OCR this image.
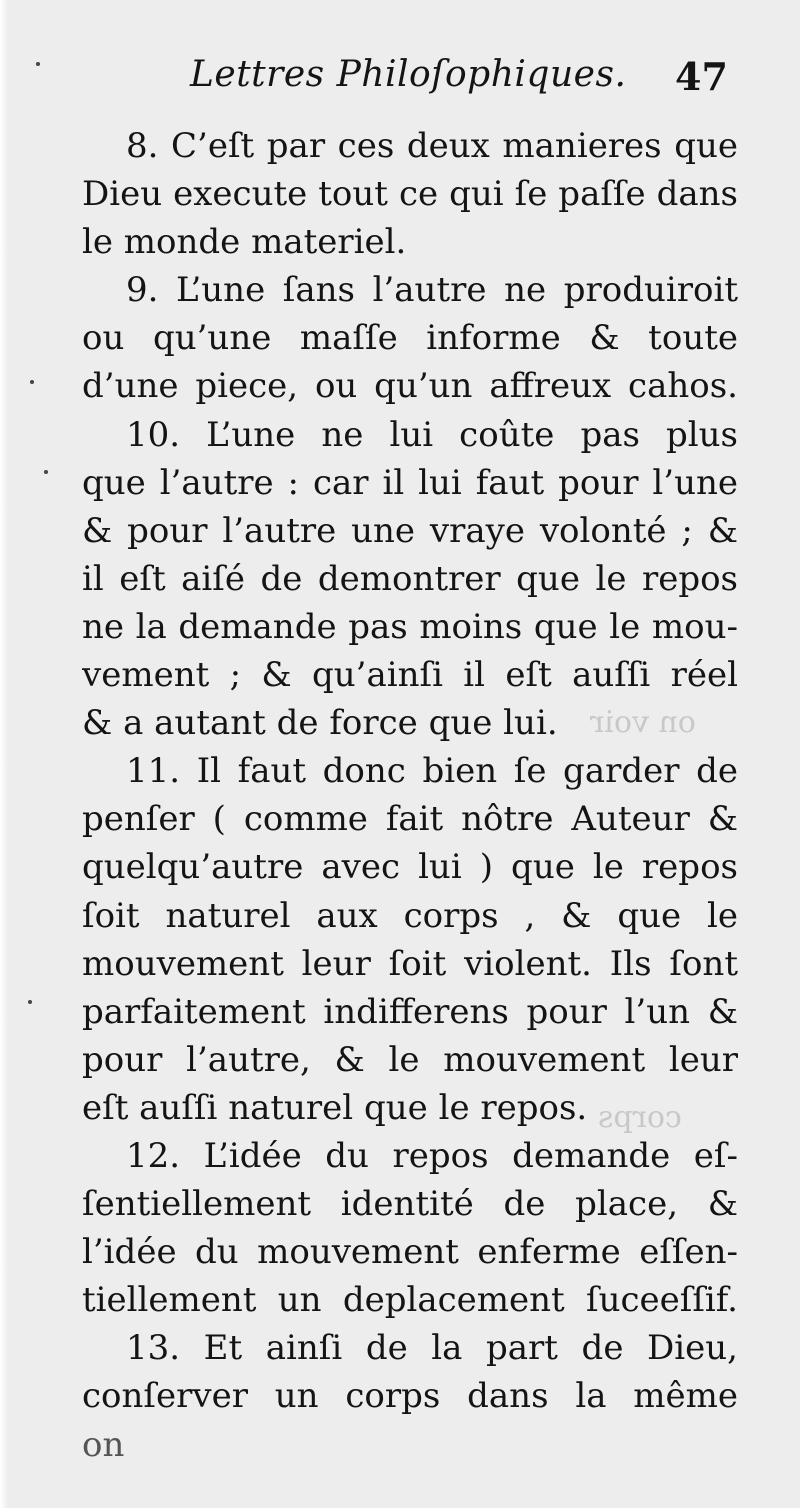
on voir
corps
Lettres Philoſophiques. 47
8. C’eſt par ces deux manieres que
Dieu execute tout ce qui ſe paſſe dans
le monde materiel.
9. L’une ſans l’autre ne produiroit
ou qu’une maſſe informe & toute
d’une piece, ou qu’un affreux cahos.
10. L’une ne lui coûte pas plus
que l’autre : car il lui faut pour l’une
& pour l’autre une vraye volonté ; &
il eſt aiſé de demontrer que le repos
ne la demande pas moins que le mou-
vement ; & qu’ainſi il eſt auſſi réel
& a autant de force que lui.
11. Il faut donc bien ſe garder de
penſer ( comme fait nôtre Auteur &
quelqu’autre avec lui ) que le repos
ſoit naturel aux corps , & que le
mouvement leur ſoit violent. Ils ſont
parfaitement indifferens pour l’un &
pour l’autre, & le mouvement leur
eſt auſſi naturel que le repos.
12. L’idée du repos demande eſ-
ſentiellement identité de place, &
l’idée du mouvement enferme eſſen-
tiellement un deplacement ſuceeſſif.
13. Et ainſi de la part de Dieu,
conſerver un corps dans la même
on
